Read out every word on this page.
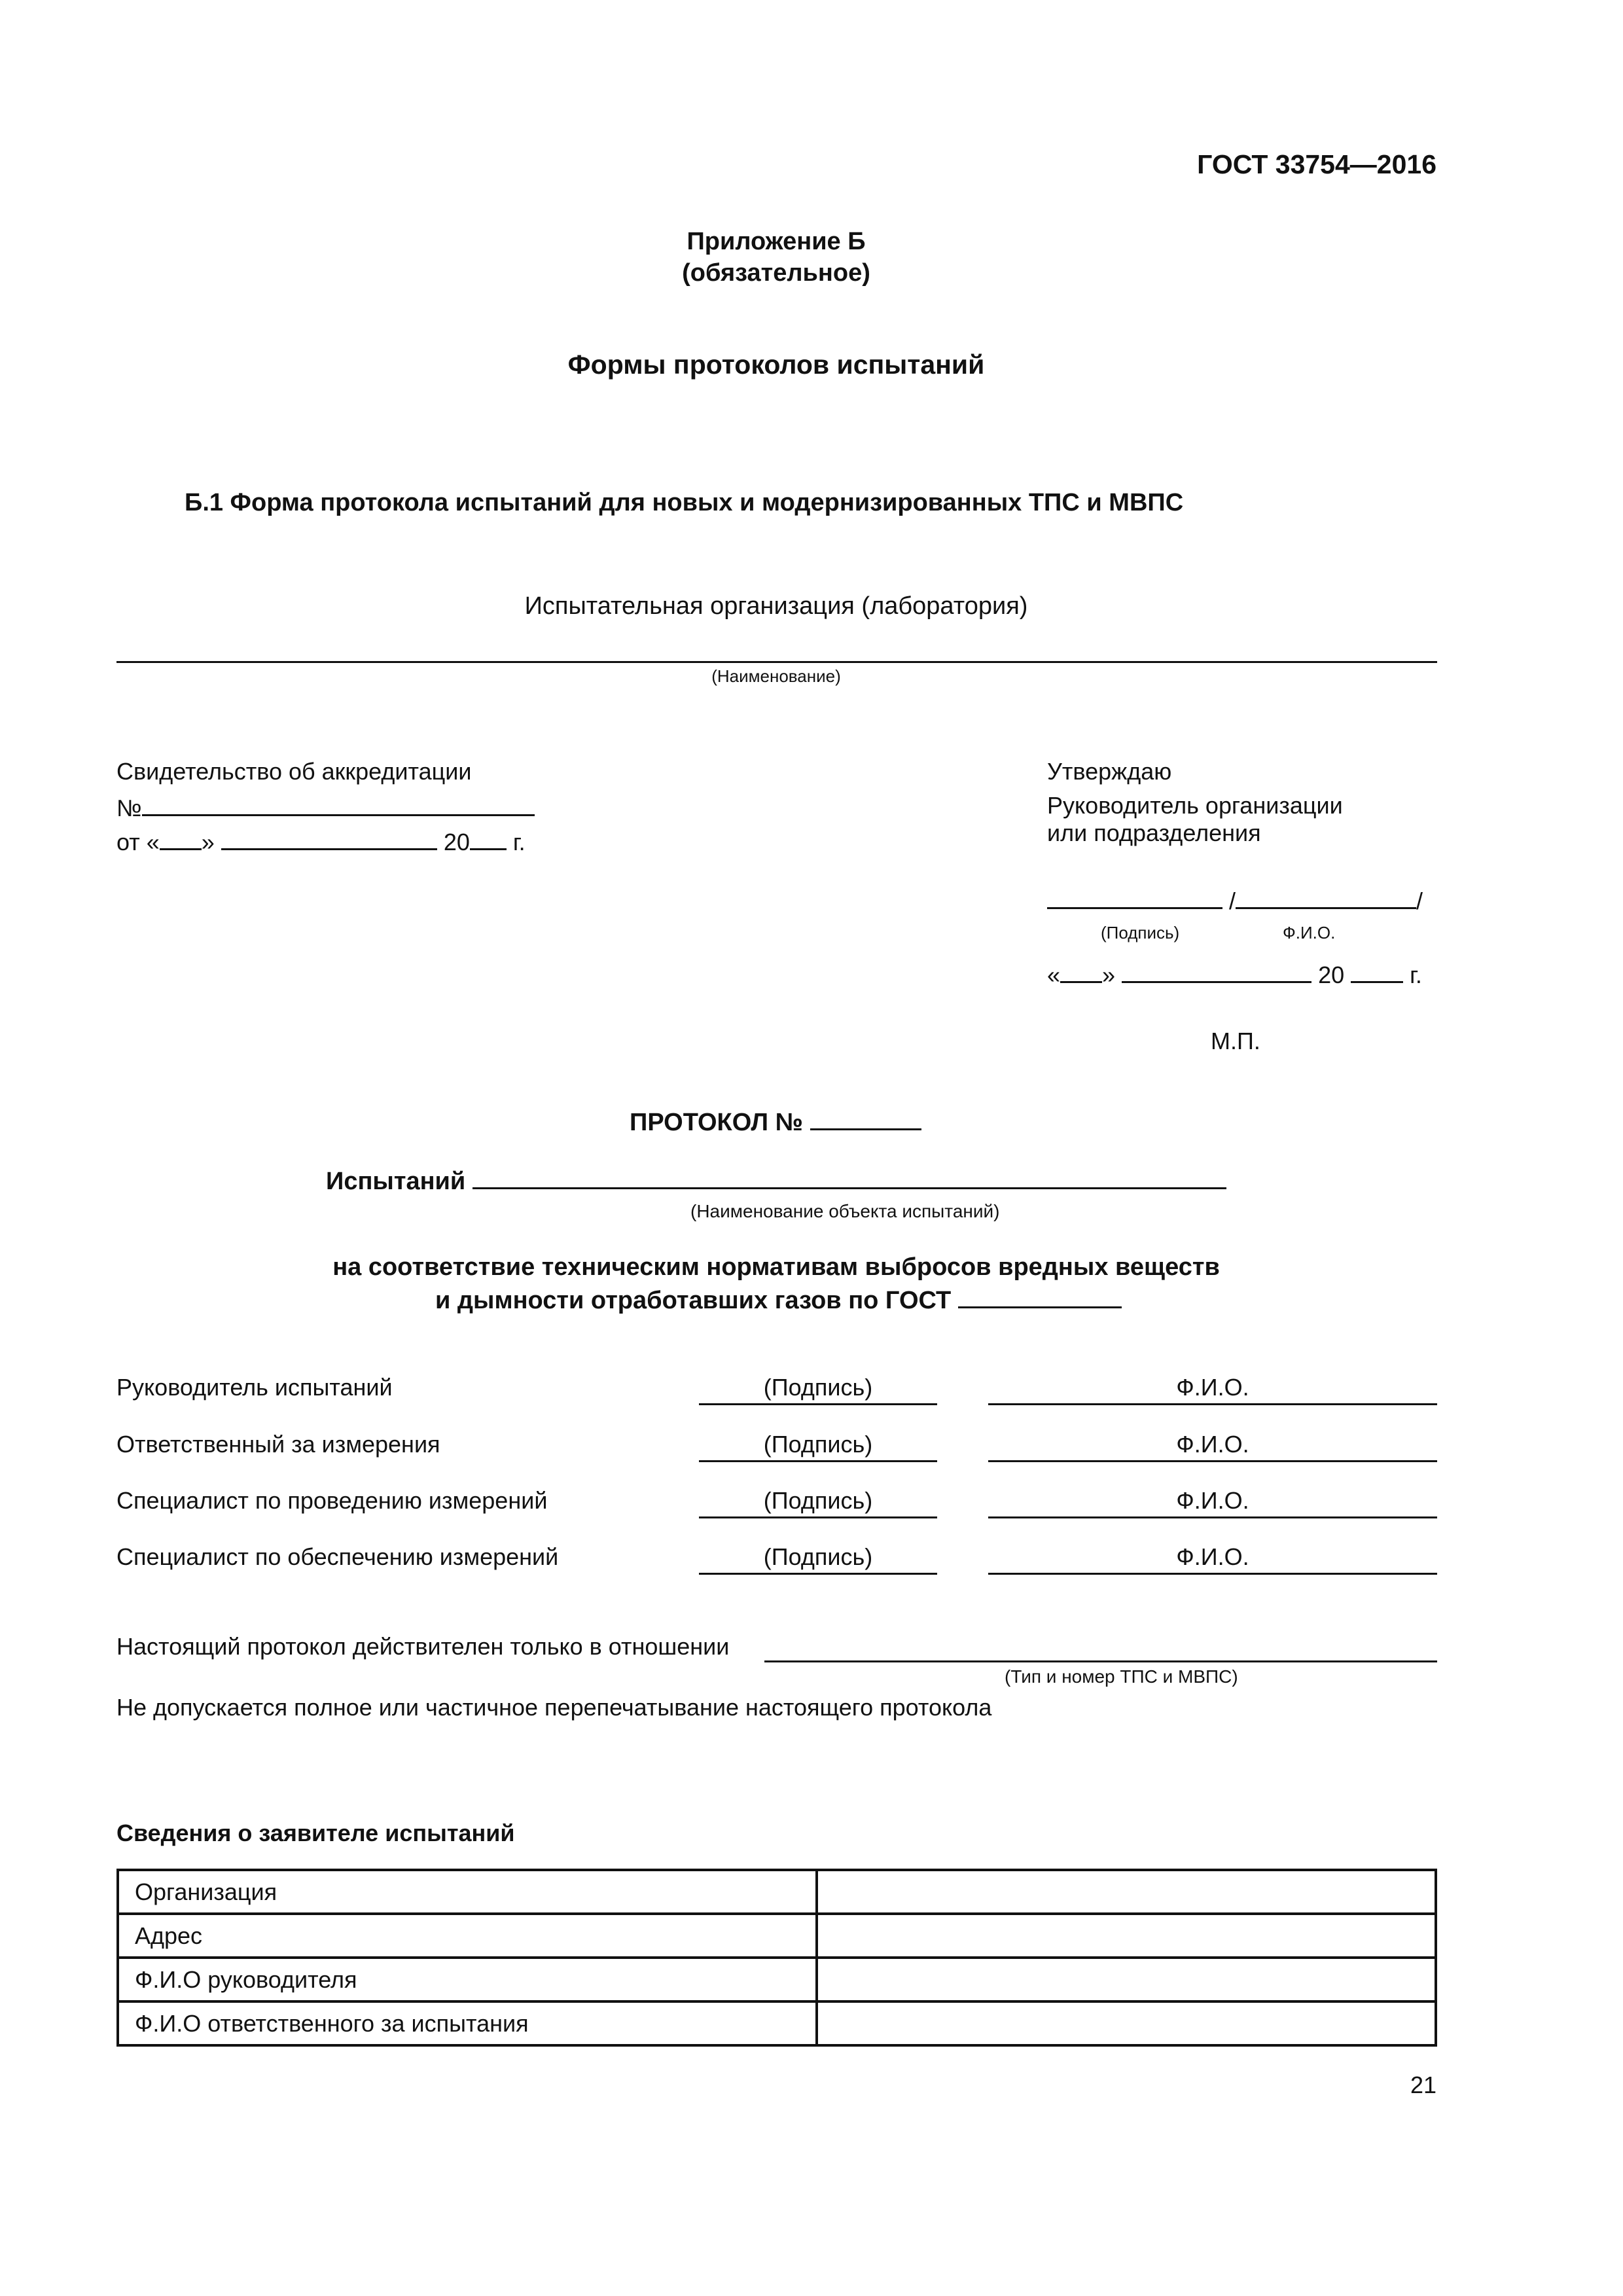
ГОСТ 33754—2016
Приложение Б
(обязательное)
Формы протоколов испытаний
Б.1 Форма протокола испытаний для новых и модернизированных ТПС и МВПС
Испытательная организация (лаборатория)
(Наименование)
Свидетельство об аккредитации
№
от « »	20 г.
Утверждаю
Руководитель организации
или подразделения
/	/
(Подпись)	Ф.И.О.
« »	20	г.
М.П.
ПРОТОКОЛ №
Испытаний
(Наименование объекта испытаний)
на соответствие техническим нормативам выбросов вредных веществ
и дымности отработавших газов по ГОСТ
Руководитель испытаний	(Подпись)	Ф.И.О.
Ответственный за измерения	(Подпись)	Ф.И.О.
Специалист по проведению измерений	(Подпись)	Ф.И.О.
Специалист по обеспечению измерений	(Подпись)	Ф.И.О.
Настоящий протокол действителен только в отношении
(Тип и номер ТПС и МВПС)
Не допускается полное или частичное перепечатывание настоящего протокола
Сведения о заявителе испытаний
Организация	
Адрес	
Ф.И.О руководителя	
Ф.И.О ответственного за испытания	
21
